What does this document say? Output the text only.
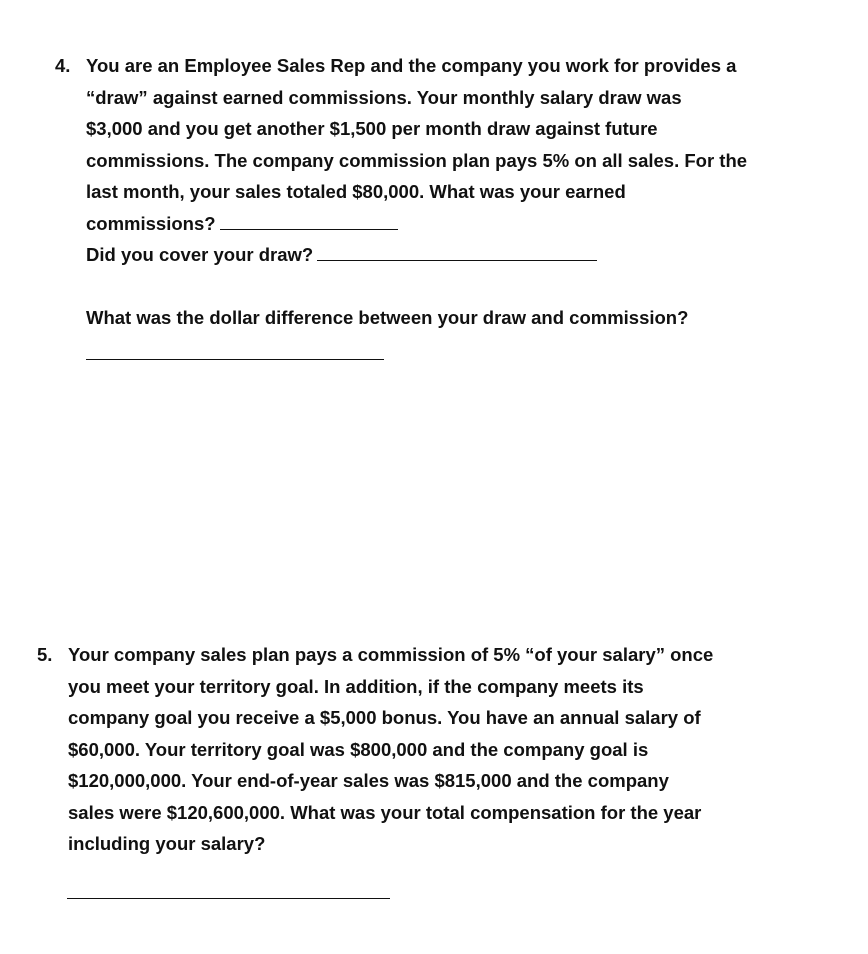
4. You are an Employee Sales Rep and the company you work for provides a
“draw” against earned commissions. Your monthly salary draw was
$3,000 and you get another $1,500 per month draw against future
commissions. The company commission plan pays 5% on all sales. For the
last month, your sales totaled $80,000. What was your earned
commissions?
Did you cover your draw?
What was the dollar difference between your draw and commission?
5. Your company sales plan pays a commission of 5% “of your salary” once
you meet your territory goal. In addition, if the company meets its
company goal you receive a $5,000 bonus. You have an annual salary of
$60,000. Your territory goal was $800,000 and the company goal is
$120,000,000. Your end-of-year sales was $815,000 and the company
sales were $120,600,000. What was your total compensation for the year
including your salary?
